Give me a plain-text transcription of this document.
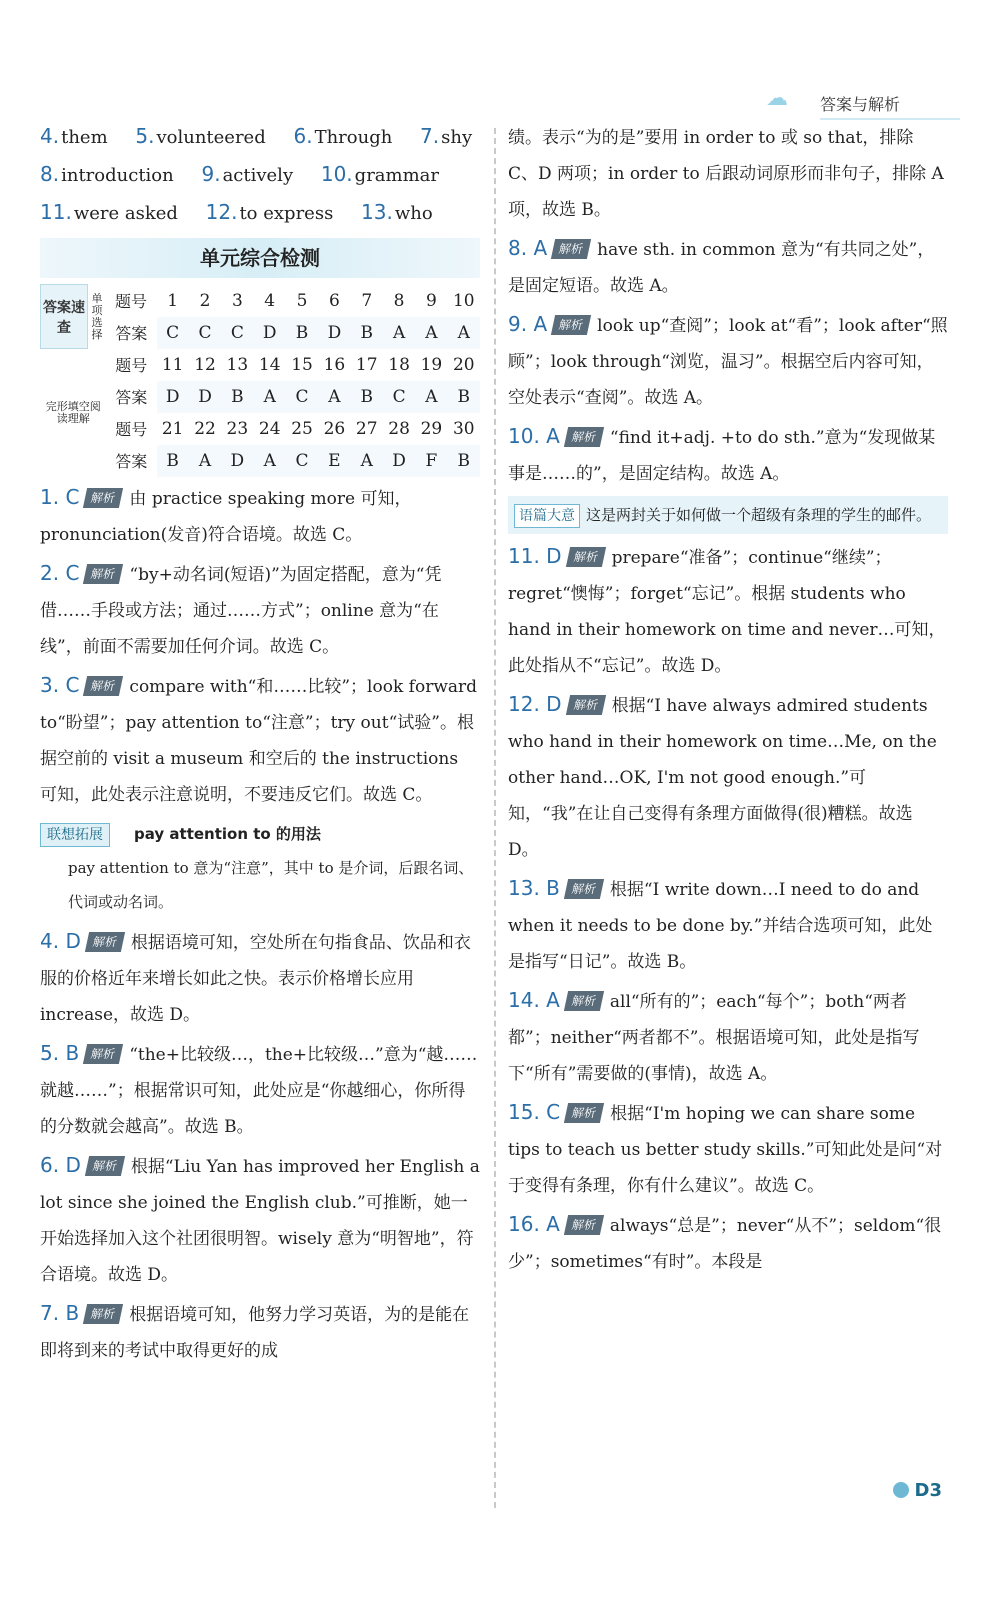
☁ 答案与解析
4. them 5. volunteered 6. Through 7. shy
8. introduction 9. actively 10. grammar
11. were asked 12. to express 13. who
单元综合检测
答案速查	单项选择	题号	1	2	3	4	5	6	7	8	9	10
		答案	C	C	C	D	B	D	B	A	A	A
完形填空阅读理解		题号	11	12	13	14	15	16	17	18	19	20
		答案	D	D	B	A	C	A	B	C	A	B
		题号	21	22	23	24	25	26	27	28	29	30
		答案	B	A	D	A	C	E	A	D	F	B
1. C 解析 由 practice speaking more 可知，pronunciation(发音)符合语境。故选 C。
2. C 解析 “by+动名词(短语)”为固定搭配，意为“凭借……手段或方法；通过……方式”；online 意为“在线”，前面不需要加任何介词。故选 C。
3. C 解析 compare with“和……比较”；look forward to“盼望”；pay attention to“注意”；try out“试验”。根据空前的 visit a museum 和空后的 the instructions 可知，此处表示注意说明，不要违反它们。故选 C。
联想拓展 pay attention to 的用法
pay attention to 意为“注意”，其中 to 是介词，后跟名词、代词或动名词。
4. D 解析 根据语境可知，空处所在句指食品、饮品和衣服的价格近年来增长如此之快。表示价格增长应用 increase，故选 D。
5. B 解析 “the+比较级…，the+比较级…”意为“越……就越……”；根据常识可知，此处应是“你越细心，你所得的分数就会越高”。故选 B。
6. D 解析 根据“Liu Yan has improved her English a lot since she joined the English club.”可推断，她一开始选择加入这个社团很明智。wisely 意为“明智地”，符合语境。故选 D。
7. B 解析 根据语境可知，他努力学习英语，为的是能在即将到来的考试中取得更好的成
绩。表示“为的是”要用 in order to 或 so that，排除 C、D 两项；in order to 后跟动词原形而非句子，排除 A 项，故选 B。
8. A 解析 have sth. in common 意为“有共同之处”，是固定短语。故选 A。
9. A 解析 look up“查阅”；look at“看”；look after“照顾”；look through“浏览，温习”。根据空后内容可知，空处表示“查阅”。故选 A。
10. A 解析 “find it+adj. +to do sth.”意为“发现做某事是……的”，是固定结构。故选 A。
语篇大意 这是两封关于如何做一个超级有条理的学生的邮件。
11. D 解析 prepare“准备”；continue“继续”；regret“懊悔”；forget“忘记”。根据 students who hand in their homework on time and never…可知，此处指从不“忘记”。故选 D。
12. D 解析 根据“I have always admired students who hand in their homework on time…Me, on the other hand…OK, I'm not good enough.”可知，“我”在让自己变得有条理方面做得(很)糟糕。故选 D。
13. B 解析 根据“I write down…I need to do and when it needs to be done by.”并结合选项可知，此处是指写“日记”。故选 B。
14. A 解析 all“所有的”；each“每个”；both“两者都”；neither“两者都不”。根据语境可知，此处是指写下“所有”需要做的(事情)，故选 A。
15. C 解析 根据“I'm hoping we can share some tips to teach us better study skills.”可知此处是问“对于变得有条理，你有什么建议”。故选 C。
16. A 解析 always“总是”；never“从不”；seldom“很少”；sometimes“有时”。本段是
D3
